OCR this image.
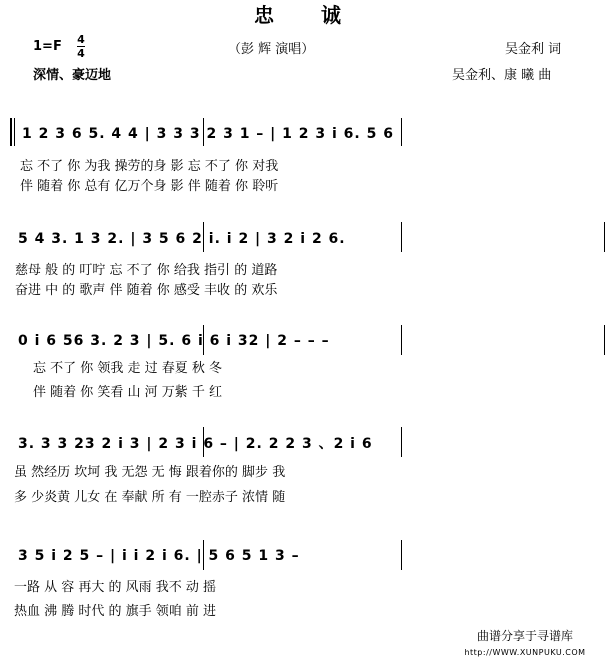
忠 诚
1=F 4
4	（彭 辉 演唱）
深情、豪迈地
吴金利 词
吴金利、康 曦 曲
1 2 3 6 5. 4 4 | 3 3 3 2 3 1 – | 1 2 3 i 6. 5 6
忘 不了 你 为我 操劳的身 影 忘 不了 你 对我
伴 随着 你 总有 亿万个身 影 伴 随着 你 聆听
5 4 3. 1 3 2. | 3 5 6 2 i. i 2 | 3 2 i 2 6.
慈母 般 的 叮咛 忘 不了 你 给我 指引 的 道路
奋进 中 的 歌声 伴 随着 你 感受 丰收 的 欢乐
0 i 6 56 3. 2 3 | 5. 6 i 6 i 32 | 2 – – –
忘 不了 你 领我 走 过 春夏 秋 冬
伴 随着 你 笑看 山 河 万紫 千 红
3. 3 3 23 2 i 3 | 2 3 i 6 – | 2. 2 2 3 、2 i 6
虽 然经历 坎坷 我 无怨 无 悔 跟着你的 脚步 我
多 少炎黄 儿女 在 奉献 所 有 一腔赤子 浓情 随
3 5 i 2 5 – | i i 2 i 6. | 5 6 5 1 3 –
一路 从 容 再大 的 风雨 我不 动 摇
热血 沸 腾 时代 的 旗手 领咱 前 进
曲谱分享于寻谱库
http://WWW.XUNPUKU.COM
